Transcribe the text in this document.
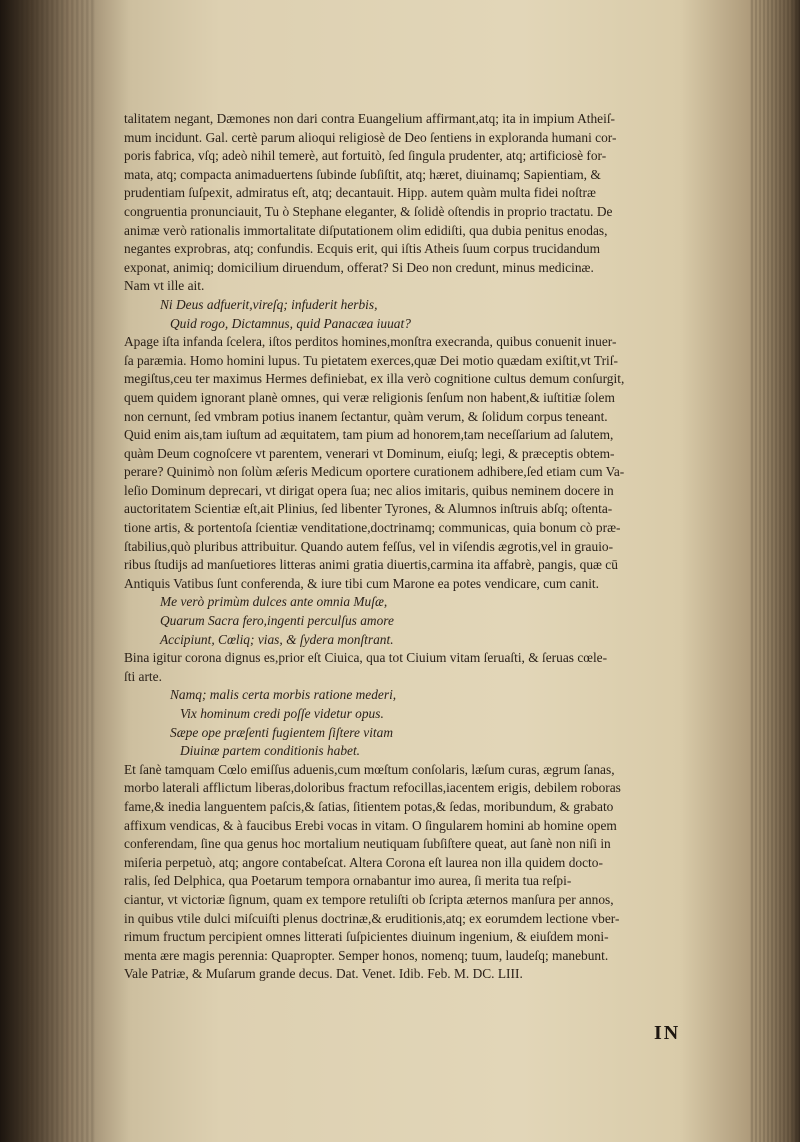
talitatem negant, Dæmones non dari contra Euangelium affirmant,atq; ita in impium Atheiſ-
mum incidunt. Gal. certè parum alioqui religiosè de Deo ſentiens in exploranda humani cor-
poris fabrica, vſq; adeò nihil temerè, aut fortuitò, ſed ſingula prudenter, atq; artificiosè for-
mata, atq; compacta animaduertens ſubinde ſubſiſtit, atq; hæret, diuinamq; Sapientiam, &
prudentiam ſuſpexit, admiratus eſt, atq; decantauit. Hipp. autem quàm multa fidei noſtræ
congruentia pronunciauit, Tu ò Stephane eleganter, & ſolidè oſtendis in proprio tractatu. De
animæ verò rationalis immortalitate diſputationem olim edidiſti, qua dubia penitus enodas,
negantes exprobras, atq; confundis. Ecquis erit, qui iſtis Atheis ſuum corpus trucidandum
exponat, animiq; domicilium diruendum, offerat? Si Deo non credunt, minus medicinæ.
Nam vt ille ait.
Ni Deus adfuerit,vireſq; infuderit herbis,
Quid rogo, Dictamnus, quid Panacæa iuuat?
Apage iſta infanda ſcelera, iſtos perditos homines,monſtra execranda, quibus conuenit inuer-
ſa paræmia. Homo homini lupus. Tu pietatem exerces,quæ Dei motio quædam exiſtit,vt Triſ-
megiſtus,ceu ter maximus Hermes definiebat, ex illa verò cognitione cultus demum conſurgit,
quem quidem ignorant planè omnes, qui veræ religionis ſenſum non habent,& iuſtitiæ ſolem
non cernunt, ſed vmbram potius inanem ſectantur, quàm verum, & ſolidum corpus teneant.
Quid enim ais,tam iuſtum ad æquitatem, tam pium ad honorem,tam neceſſarium ad ſalutem,
quàm Deum cognoſcere vt parentem, venerari vt Dominum, eiuſq; legi, & præceptis obtem-
perare? Quinimò non ſolùm æſeris Medicum oportere curationem adhibere,ſed etiam cum Va-
leſio Dominum deprecari, vt dirigat opera ſua; nec alios imitaris, quibus neminem docere in
auctoritatem Scientiæ eſt,ait Plinius, ſed libenter Tyrones, & Alumnos inſtruis abſq; oſtenta-
tione artis, & portentoſa ſcientiæ venditatione,doctrinamq; communicas, quia bonum cò præ-
ſtabilius,quò pluribus attribuitur. Quando autem feſſus, vel in viſendis ægrotis,vel in grauio-
ribus ſtudijs ad manſuetiores litteras animi gratia diuertis,carmina ita affabrè, pangis, quæ cū
Antiquis Vatibus ſunt conferenda, & iure tibi cum Marone ea potes vendicare, cum canit.
Me verò primùm dulces ante omnia Muſæ,
Quarum Sacra fero,ingenti perculſus amore
Accipiunt, Cœliq; vias, & ſydera monſtrant.
Bina igitur corona dignus es,prior eſt Ciuica, qua tot Ciuium vitam ſeruaſti, & ſeruas cœle-
ſti arte.
Namq; malis certa morbis ratione mederi,
Vix hominum credi poſſe videtur opus.
Sæpe ope præſenti fugientem ſiſtere vitam
Diuinæ partem conditionis habet.
Et ſanè tamquam Cœlo emiſſus aduenis,cum mœſtum conſolaris, læſum curas, ægrum ſanas,
morbo laterali afflictum liberas,doloribus fractum refocillas,iacentem erigis, debilem roboras
fame,& inedia languentem paſcis,& ſatias, ſitientem potas,& ſedas, moribundum, & grabato
affixum vendicas, & à faucibus Erebi vocas in vitam. O ſingularem homini ab homine opem
conferendam, ſine qua genus hoc mortalium neutiquam ſubſiſtere queat, aut ſanè non niſi in
miſeria perpetuò, atq; angore contabeſcat. Altera Corona eſt laurea non illa quidem docto-
ralis, ſed Delphica, qua Poetarum tempora ornabantur imo aurea, ſi merita tua reſpi-
ciantur, vt victoriæ ſignum, quam ex tempore retuliſti ob ſcripta æternos manſura per annos,
in quibus vtile dulci miſcuiſti plenus doctrinæ,& eruditionis,atq; ex eorumdem lectione vber-
rimum fructum percipient omnes litterati ſuſpicientes diuinum ingenium, & eiuſdem moni-
menta ære magis perennia: Quapropter. Semper honos, nomenq; tuum, laudeſq; manebunt.
Vale Patriæ, & Muſarum grande decus. Dat. Venet. Idib. Feb. M. DC. LIII.
IN
